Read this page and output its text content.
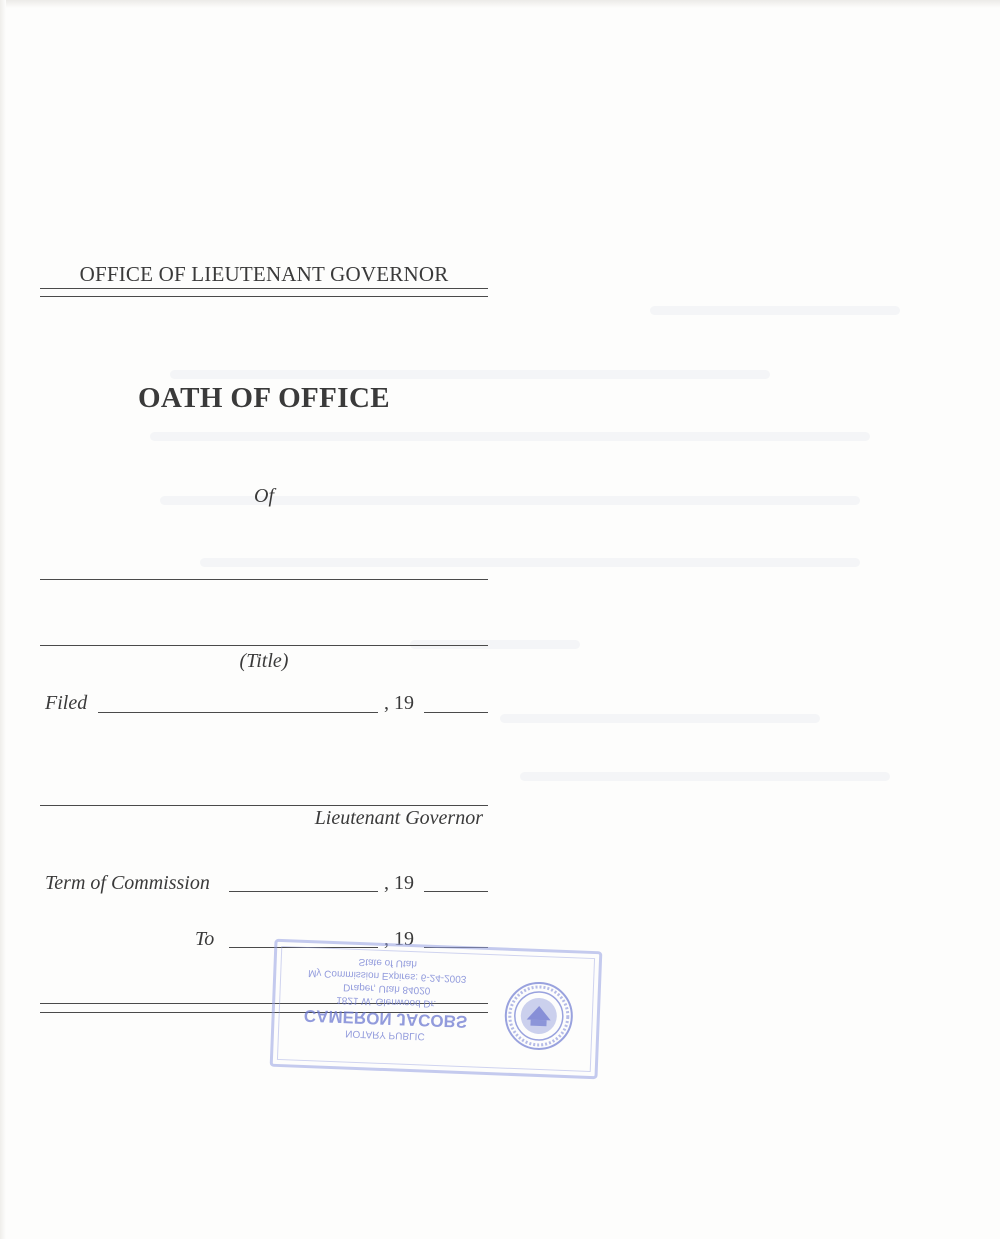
OFFICE OF LIEUTENANT GOVERNOR
OATH OF OFFICE
Of
(Title)
Filed	, 19
Lieutenant Governor
Term of Commission	, 19
To	, 19
NOTARY PUBLIC
CAMERON JACOBS
1821 W. Glenwood Dr.
Draper, Utah 84020
My Commission Expires: 6-24-2003
State of Utah
